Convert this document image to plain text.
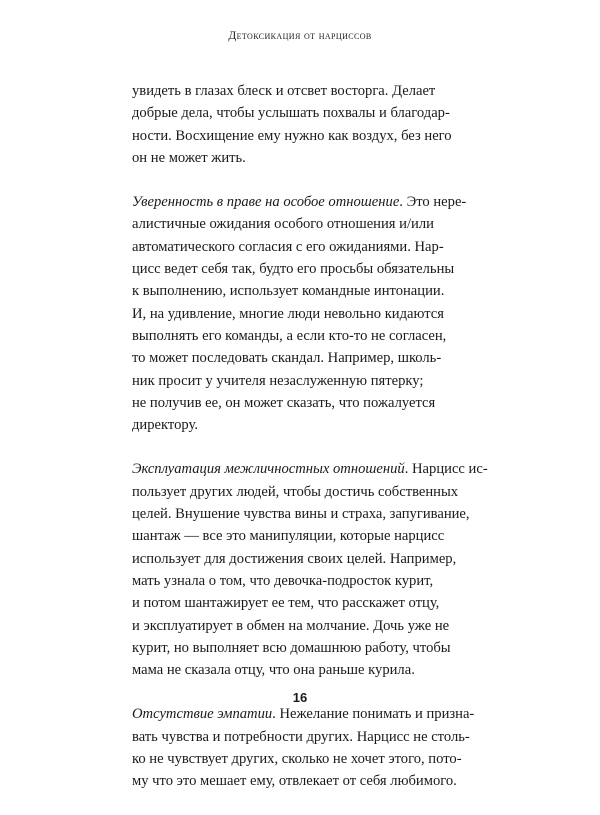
Детоксикация от нарциссов

увидеть в глазах блеск и отсвет восторга. Делает
добрые дела, чтобы услышать похвалы и благодар-
ности. Восхищение ему нужно как воздух, без него
он не может жить.

Уверенность в праве на особое отношение. Это нере-
алистичные ожидания особого отношения и/или
автоматического согласия с его ожиданиями. Нар-
цисс ведет себя так, будто его просьбы обязательны
к выполнению, использует командные интонации.
И, на удивление, многие люди невольно кидаются
выполнять его команды, а если кто-то не согласен,
то может последовать скандал. Например, школь-
ник просит у учителя незаслуженную пятерку;
не получив ее, он может сказать, что пожалуется
директору.

Эксплуатация межличностных отношений. Нарцисс ис-
пользует других людей, чтобы достичь собственных
целей. Внушение чувства вины и страха, запугивание,
шантаж — все это манипуляции, которые нарцисс
использует для достижения своих целей. Например,
мать узнала о том, что девочка-подросток курит,
и потом шантажирует ее тем, что расскажет отцу,
и эксплуатирует в обмен на молчание. Дочь уже не
курит, но выполняет всю домашнюю работу, чтобы
мама не сказала отцу, что она раньше курила.

Отсутствие эмпатии. Нежелание понимать и призна-
вать чувства и потребности других. Нарцисс не столь-
ко не чувствует других, сколько не хочет этого, пото-
му что это мешает ему, отвлекает от себя любимого.

16
